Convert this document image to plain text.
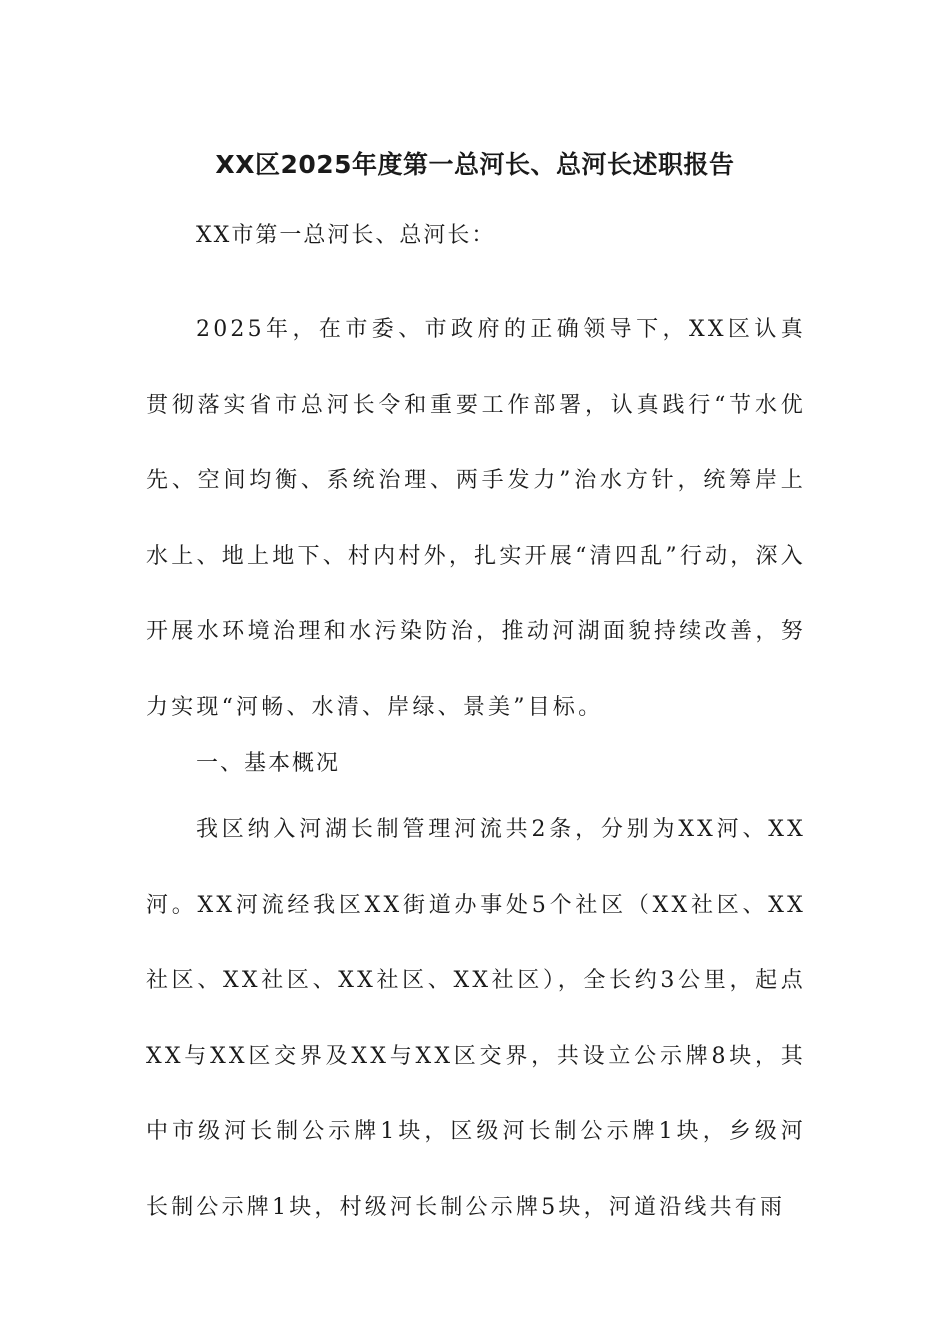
XX区2025年度第一总河长、总河长述职报告
XX市第一总河长、总河长：

2025年，在市委、市政府的正确领导下，XX区认真贯彻落实省市总河长令和重要工作部署，认真践行“节水优先、空间均衡、系统治理、两手发力”治水方针，统筹岸上水上、地上地下、村内村外，扎实开展“清四乱”行动，深入开展水环境治理和水污染防治，推动河湖面貌持续改善，努力实现“河畅、水清、岸绿、景美”目标。

一、基本概况

我区纳入河湖长制管理河流共2条，分别为XX河、XX河。XX河流经我区XX街道办事处5个社区（XX社区、XX社区、XX社区、XX社区、XX社区），全长约3公里，起点XX与XX区交界及XX与XX区交界，共设立公示牌8块，其中市级河长制公示牌1块，区级河长制公示牌1块，乡级河长制公示牌1块，村级河长制公示牌5块，河道沿线共有雨
